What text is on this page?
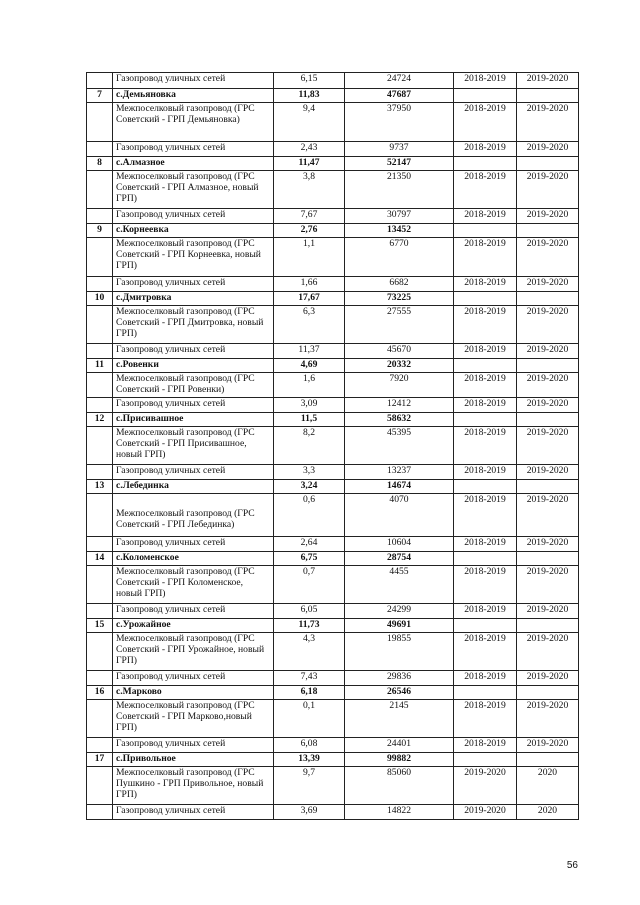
	Газопровод уличных сетей	6,15	24724	2018-2019	2019-2020
7	с.Демьяновка	11,83	47687		
	Межпоселковый газопровод (ГРС Советский - ГРП Демьяновка)	9,4	37950	2018-2019	2019-2020
	Газопровод уличных сетей	2,43	9737	2018-2019	2019-2020
8	с.Алмазное	11,47	52147		
	Межпоселковый газопровод (ГРС Советский - ГРП Алмазное, новый ГРП)	3,8	21350	2018-2019	2019-2020
	Газопровод уличных сетей	7,67	30797	2018-2019	2019-2020
9	с.Корнеевка	2,76	13452		
	Межпоселковый газопровод (ГРС Советский - ГРП Корнеевка, новый ГРП)	1,1	6770	2018-2019	2019-2020
	Газопровод уличных сетей	1,66	6682	2018-2019	2019-2020
10	с.Дмитровка	17,67	73225		
	Межпоселковый газопровод (ГРС Советский - ГРП Дмитровка, новый ГРП)	6,3	27555	2018-2019	2019-2020
	Газопровод уличных сетей	11,37	45670	2018-2019	2019-2020
11	с.Ровенки	4,69	20332		
	Межпоселковый газопровод (ГРС Советский - ГРП Ровенки)	1,6	7920	2018-2019	2019-2020
	Газопровод уличных сетей	3,09	12412	2018-2019	2019-2020
12	с.Присивашное	11,5	58632		
	Межпоселковый газопровод (ГРС Советский - ГРП Присивашное, новый ГРП)	8,2	45395	2018-2019	2019-2020
	Газопровод уличных сетей	3,3	13237	2018-2019	2019-2020
13	с.Лебединка	3,24	14674		
	Межпоселковый газопровод (ГРС Советский - ГРП Лебединка)	0,6	4070	2018-2019	2019-2020
	Газопровод уличных сетей	2,64	10604	2018-2019	2019-2020
14	с.Коломенское	6,75	28754		
	Межпоселковый газопровод (ГРС Советский - ГРП Коломенское, новый ГРП)	0,7	4455	2018-2019	2019-2020
	Газопровод уличных сетей	6,05	24299	2018-2019	2019-2020
15	с.Урожайное	11,73	49691		
	Межпоселковый газопровод (ГРС Советский - ГРП Урожайное, новый ГРП)	4,3	19855	2018-2019	2019-2020
	Газопровод уличных сетей	7,43	29836	2018-2019	2019-2020
16	с.Марково	6,18	26546		
	Межпоселковый газопровод (ГРС Советский - ГРП Марково,новый ГРП)	0,1	2145	2018-2019	2019-2020
	Газопровод уличных сетей	6,08	24401	2018-2019	2019-2020
17	с.Привольное	13,39	99882		
	Межпоселковый газопровод (ГРС Пушкино - ГРП Привольное, новый ГРП)	9,7	85060	2019-2020	2020
	Газопровод уличных сетей	3,69	14822	2019-2020	2020
56
